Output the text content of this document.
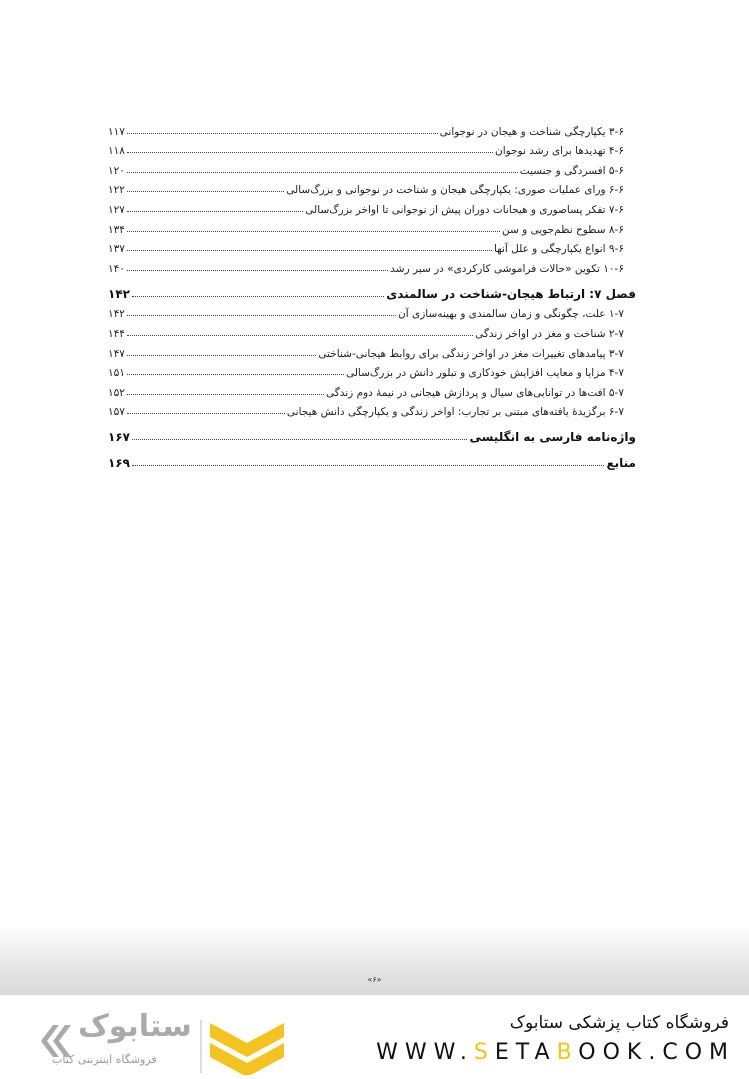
۳-۶ یکپارچگی شناخت و هیجان در نوجوانی
۱۱۷
۴-۶ تهدیدها برای رشد نوجوان
۱۱۸
۵-۶ افسردگی و جنسیت
۱۲۰
۶-۶ ورای عملیات صوری: یکپارچگی هیجان و شناخت در نوجوانی و بزرگ‌سالی
۱۲۲
۷-۶ تفکر پساصوری و هیجانات دوران پیش از نوجوانی تا اواخر بزرگ‌سالی
۱۲۷
۸-۶ سطوح نظم‌جویی و سن
۱۳۴
۹-۶ انواع یکپارچگی و علل آنها
۱۳۷
۱۰-۶ تکوین «حالات فراموشی کارکردی» در سیر رشد
۱۴۰
فصل ۷: ارتباط هیجان-شناخت در سالمندی
۱۴۲
۱-۷ علت، چگونگی و زمان سالمندی و بهینه‌سازی آن
۱۴۲
۲-۷ شناخت و مغز در اواخر زندگی
۱۴۴
۳-۷ پیامدهای تغییرات مغز در اواخر زندگی برای روابط هیجانی-شناختی
۱۴۷
۴-۷ مزایا و معایب افزایش خودکاری و تبلور دانش در بزرگ‌سالی
۱۵۱
۵-۷ افت‌ها در توانایی‌های سیال و پردازش هیجانی در نیمهٔ دوم زندگی
۱۵۲
۶-۷ برگزیدهٔ یافته‌های مبتنی بر تجارب: اواخر زندگی و یکپارچگی دانش هیجانی
۱۵۷
واژه‌نامه فارسی به انگلیسی
۱۶۷
منابع
۱۶۹
«۶»
ستابوک
فروشگاه اینترنتی کتاب
فروشگاه کتاب پزشکی ستابوک
WWW.SETABOOK.COM
